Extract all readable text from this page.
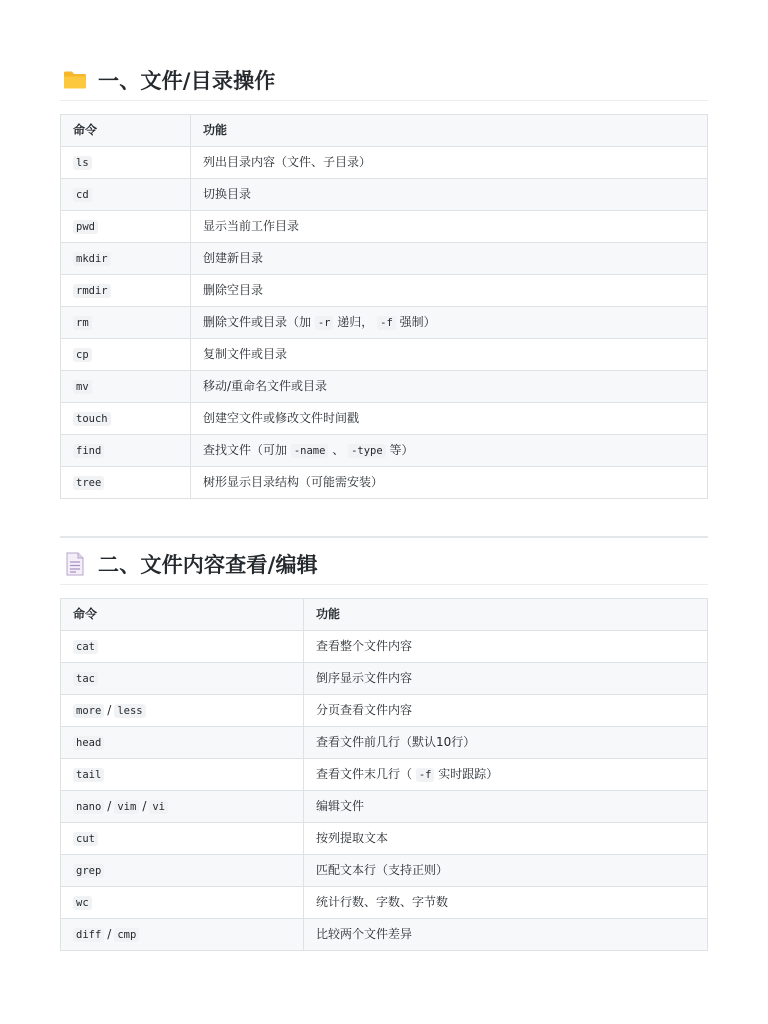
一、文件/目录操作
命令	功能
ls	列出目录内容（文件、子目录）
cd	切换目录
pwd	显示当前工作目录
mkdir	创建新目录
rmdir	删除空目录
rm	删除文件或目录（加 -r 递归， -f 强制）
cp	复制文件或目录
mv	移动/重命名文件或目录
touch	创建空文件或修改文件时间戳
find	查找文件（可加 -name 、 -type 等）
tree	树形显示目录结构（可能需安装）
二、文件内容查看/编辑
命令	功能
cat	查看整个文件内容
tac	倒序显示文件内容
more / less	分页查看文件内容
head	查看文件前几行（默认10行）
tail	查看文件末几行（ -f 实时跟踪）
nano / vim / vi	编辑文件
cut	按列提取文本
grep	匹配文本行（支持正则）
wc	统计行数、字数、字节数
diff / cmp	比较两个文件差异
